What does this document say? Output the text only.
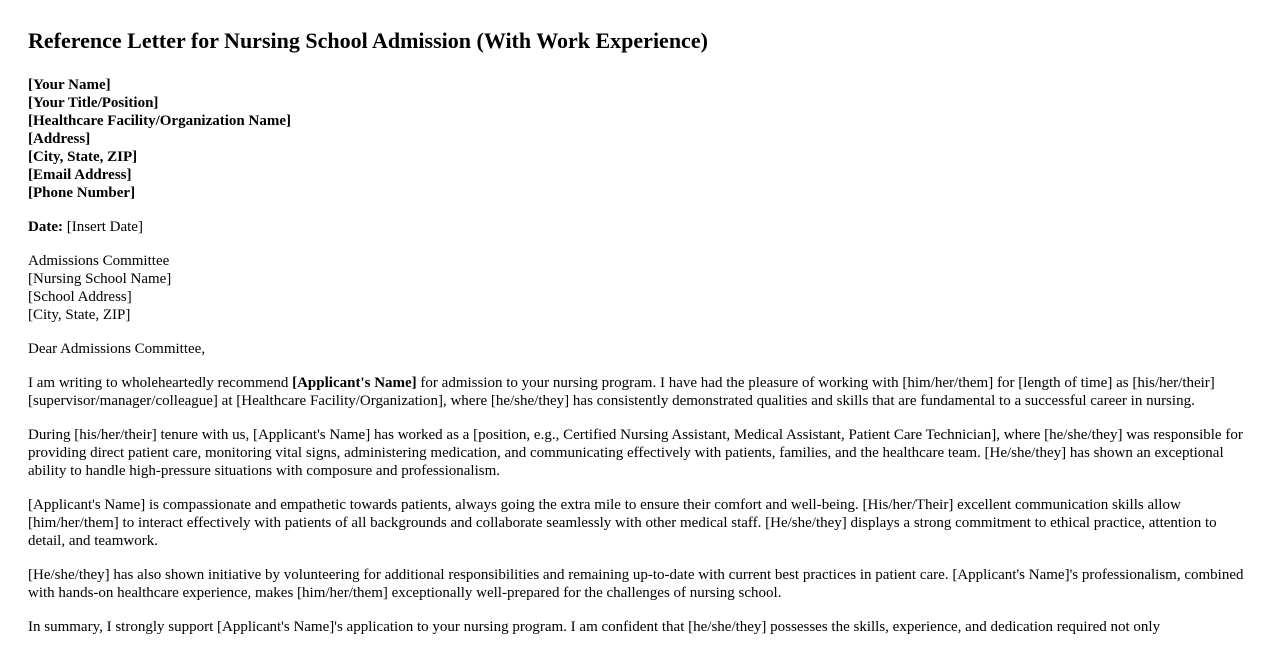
Reference Letter for Nursing School Admission (With Work Experience)

[Your Name]
[Your Title/Position]
[Healthcare Facility/Organization Name]
[Address]
[City, State, ZIP]
[Email Address]
[Phone Number]

Date: [Insert Date]

Admissions Committee
[Nursing School Name]
[School Address]
[City, State, ZIP]

Dear Admissions Committee,

I am writing to wholeheartedly recommend [Applicant's Name] for admission to your nursing program. I have had the pleasure of working with [him/her/them] for [length of time] as [his/her/their] [supervisor/manager/colleague] at [Healthcare Facility/Organization], where [he/she/they] has consistently demonstrated qualities and skills that are fundamental to a successful career in nursing.

During [his/her/their] tenure with us, [Applicant's Name] has worked as a [position, e.g., Certified Nursing Assistant, Medical Assistant, Patient Care Technician], where [he/she/they] was responsible for providing direct patient care, monitoring vital signs, administering medication, and communicating effectively with patients, families, and the healthcare team. [He/she/they] has shown an exceptional ability to handle high-pressure situations with composure and professionalism.

[Applicant's Name] is compassionate and empathetic towards patients, always going the extra mile to ensure their comfort and well-being. [His/her/Their] excellent communication skills allow [him/her/them] to interact effectively with patients of all backgrounds and collaborate seamlessly with other medical staff. [He/she/they] displays a strong commitment to ethical practice, attention to detail, and teamwork.

[He/she/they] has also shown initiative by volunteering for additional responsibilities and remaining up-to-date with current best practices in patient care. [Applicant's Name]'s professionalism, combined with hands-on healthcare experience, makes [him/her/them] exceptionally well-prepared for the challenges of nursing school.

In summary, I strongly support [Applicant's Name]'s application to your nursing program. I am confident that [he/she/they] possesses the skills, experience, and dedication required not only
